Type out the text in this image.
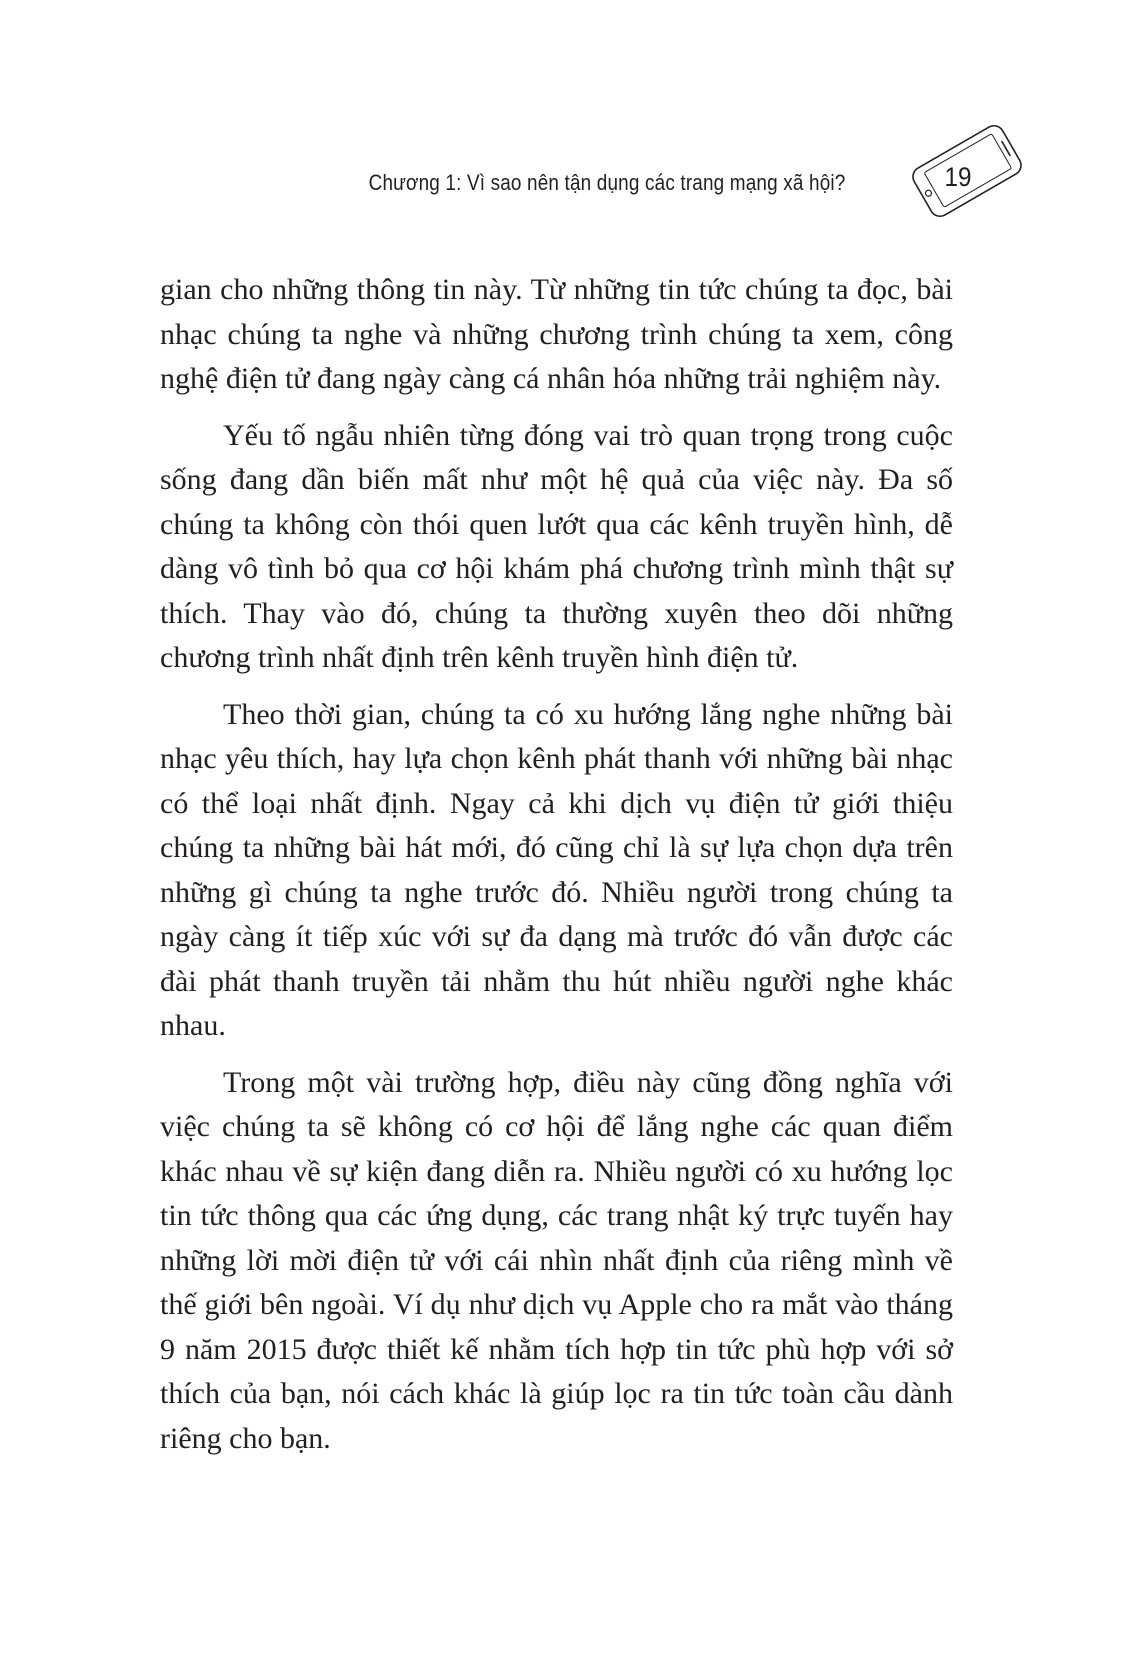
Chương 1: Vì sao nên tận dụng các trang mạng xã hội?	19

gian cho những thông tin này. Từ những tin tức chúng ta đọc, bài nhạc chúng ta nghe và những chương trình chúng ta xem, công nghệ điện tử đang ngày càng cá nhân hóa những trải nghiệm này.

Yếu tố ngẫu nhiên từng đóng vai trò quan trọng trong cuộc sống đang dần biến mất như một hệ quả của việc này. Đa số chúng ta không còn thói quen lướt qua các kênh truyền hình, dễ dàng vô tình bỏ qua cơ hội khám phá chương trình mình thật sự thích. Thay vào đó, chúng ta thường xuyên theo dõi những chương trình nhất định trên kênh truyền hình điện tử.

Theo thời gian, chúng ta có xu hướng lắng nghe những bài nhạc yêu thích, hay lựa chọn kênh phát thanh với những bài nhạc có thể loại nhất định. Ngay cả khi dịch vụ điện tử giới thiệu chúng ta những bài hát mới, đó cũng chỉ là sự lựa chọn dựa trên những gì chúng ta nghe trước đó. Nhiều người trong chúng ta ngày càng ít tiếp xúc với sự đa dạng mà trước đó vẫn được các đài phát thanh truyền tải nhằm thu hút nhiều người nghe khác nhau.

Trong một vài trường hợp, điều này cũng đồng nghĩa với việc chúng ta sẽ không có cơ hội để lắng nghe các quan điểm khác nhau về sự kiện đang diễn ra. Nhiều người có xu hướng lọc tin tức thông qua các ứng dụng, các trang nhật ký trực tuyến hay những lời mời điện tử với cái nhìn nhất định của riêng mình về thế giới bên ngoài. Ví dụ như dịch vụ Apple cho ra mắt vào tháng 9 năm 2015 được thiết kế nhằm tích hợp tin tức phù hợp với sở thích của bạn, nói cách khác là giúp lọc ra tin tức toàn cầu dành riêng cho bạn.
